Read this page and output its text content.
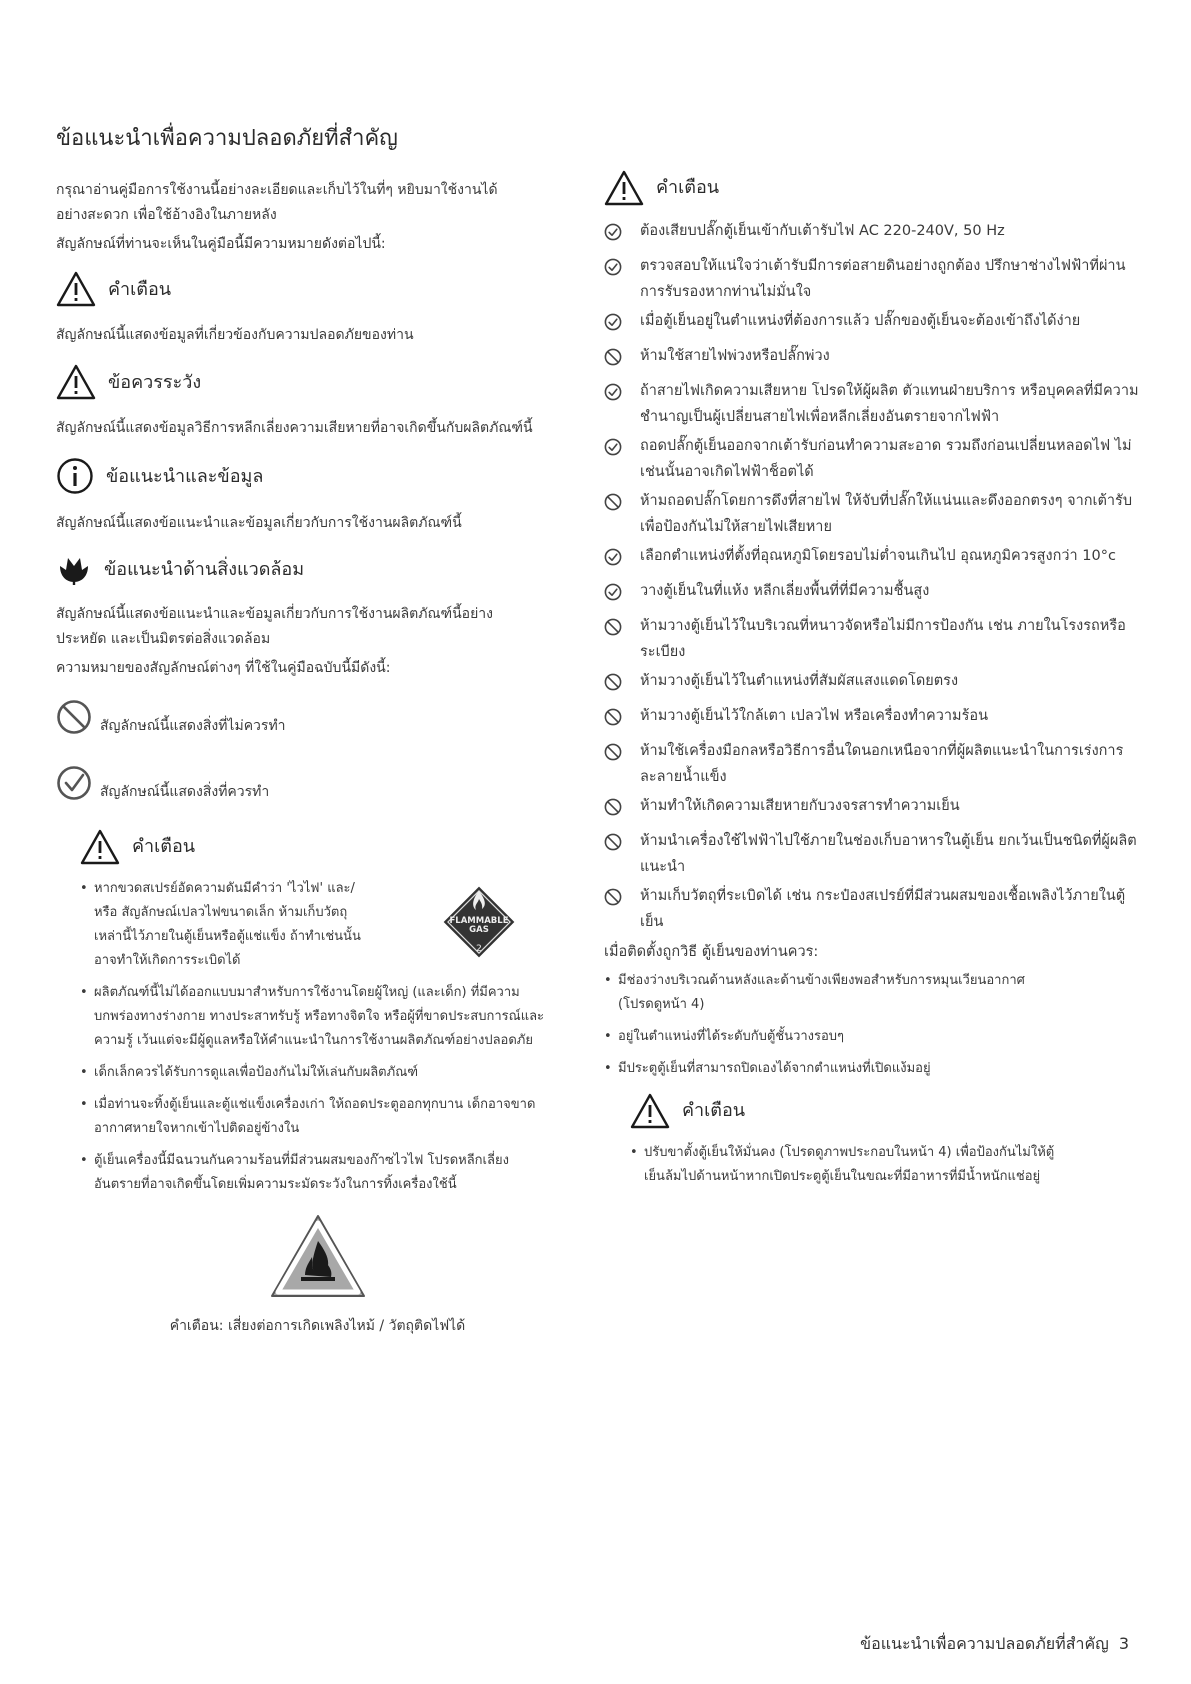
ข้อแนะนำเพื่อความปลอดภัยที่สำคัญ

กรุณาอ่านคู่มือการใช้งานนี้อย่างละเอียดและเก็บไว้ในที่ๆ หยิบมาใช้งานได้อย่างสะดวก เพื่อใช้อ้างอิงในภายหลัง

สัญลักษณ์ที่ท่านจะเห็นในคู่มือนี้มีความหมายดังต่อไปนี้:

คำเตือน

สัญลักษณ์นี้แสดงข้อมูลที่เกี่ยวข้องกับความปลอดภัยของท่าน

ข้อควรระวัง

สัญลักษณ์นี้แสดงข้อมูลวิธีการหลีกเลี่ยงความเสียหายที่อาจเกิดขึ้นกับผลิตภัณฑ์นี้

ข้อแนะนำและข้อมูล

สัญลักษณ์นี้แสดงข้อแนะนำและข้อมูลเกี่ยวกับการใช้งานผลิตภัณฑ์นี้

ข้อแนะนำด้านสิ่งแวดล้อม

สัญลักษณ์นี้แสดงข้อแนะนำและข้อมูลเกี่ยวกับการใช้งานผลิตภัณฑ์นี้อย่างประหยัด และเป็นมิตรต่อสิ่งแวดล้อม

ความหมายของสัญลักษณ์ต่างๆ ที่ใช้ในคู่มือฉบับนี้มีดังนี้:

สัญลักษณ์นี้แสดงสิ่งที่ไม่ควรทำ
สัญลักษณ์นี้แสดงสิ่งที่ควรทำ
คำเตือน
• หากขวดสเปรย์อัดความดันมีคำว่า 'ไวไฟ' และ/หรือ สัญลักษณ์เปลวไฟขนาดเล็ก ห้ามเก็บวัตถุเหล่านี้ไว้ภายในตู้เย็นหรือตู้แช่แข็ง ถ้าทำเช่นนั้น อาจทำให้เกิดการระเบิดได้
FLAMMABLE
GAS
2
• ผลิตภัณฑ์นี้ไม่ได้ออกแบบมาสำหรับการใช้งานโดยผู้ใหญ่ (และเด็ก) ที่มีความบกพร่องทางร่างกาย ทางประสาทรับรู้ หรือทางจิตใจ หรือผู้ที่ขาดประสบการณ์และความรู้ เว้นแต่จะมีผู้ดูแลหรือให้คำแนะนำในการใช้งานผลิตภัณฑ์อย่างปลอดภัย
• เด็กเล็กควรได้รับการดูแลเพื่อป้องกันไม่ให้เล่นกับผลิตภัณฑ์
• เมื่อท่านจะทิ้งตู้เย็นและตู้แช่แข็งเครื่องเก่า ให้ถอดประตูออกทุกบาน เด็กอาจขาดอากาศหายใจหากเข้าไปติดอยู่ข้างใน
• ตู้เย็นเครื่องนี้มีฉนวนกันความร้อนที่มีส่วนผสมของก๊าซไวไฟ โปรดหลีกเลี่ยงอันตรายที่อาจเกิดขึ้นโดยเพิ่มความระมัดระวังในการทิ้งเครื่องใช้นี้

คำเตือน: เสี่ยงต่อการเกิดเพลิงไหม้ / วัตถุติดไฟได้

คำเตือน
ต้องเสียบปลั๊กตู้เย็นเข้ากับเต้ารับไฟ AC 220-240V, 50 Hz
ตรวจสอบให้แน่ใจว่าเต้ารับมีการต่อสายดินอย่างถูกต้อง ปรึกษาช่างไฟฟ้าที่ผ่านการรับรองหากท่านไม่มั่นใจ
เมื่อตู้เย็นอยู่ในตำแหน่งที่ต้องการแล้ว ปลั๊กของตู้เย็นจะต้องเข้าถึงได้ง่าย
ห้ามใช้สายไฟพ่วงหรือปลั๊กพ่วง
ถ้าสายไฟเกิดความเสียหาย โปรดให้ผู้ผลิต ตัวแทนฝ่ายบริการ หรือบุคคลที่มีความชำนาญเป็นผู้เปลี่ยนสายไฟเพื่อหลีกเลี่ยงอันตรายจากไฟฟ้า
ถอดปลั๊กตู้เย็นออกจากเต้ารับก่อนทำความสะอาด รวมถึงก่อนเปลี่ยนหลอดไฟ ไม่เช่นนั้นอาจเกิดไฟฟ้าช็อตได้
ห้ามถอดปลั๊กโดยการดึงที่สายไฟ ให้จับที่ปลั๊กให้แน่นและดึงออกตรงๆ จากเต้ารับเพื่อป้องกันไม่ให้สายไฟเสียหาย
เลือกตำแหน่งที่ตั้งที่อุณหภูมิโดยรอบไม่ต่ำจนเกินไป อุณหภูมิควรสูงกว่า 10°c
วางตู้เย็นในที่แห้ง หลีกเลี่ยงพื้นที่ที่มีความชื้นสูง
ห้ามวางตู้เย็นไว้ในบริเวณที่หนาวจัดหรือไม่มีการป้องกัน เช่น ภายในโรงรถหรือระเบียง
ห้ามวางตู้เย็นไว้ในตำแหน่งที่สัมผัสแสงแดดโดยตรง
ห้ามวางตู้เย็นไว้ใกล้เตา เปลวไฟ หรือเครื่องทำความร้อน
ห้ามใช้เครื่องมือกลหรือวิธีการอื่นใดนอกเหนือจากที่ผู้ผลิตแนะนำในการเร่งการละลายน้ำแข็ง
ห้ามทำให้เกิดความเสียหายกับวงจรสารทำความเย็น
ห้ามนำเครื่องใช้ไฟฟ้าไปใช้ภายในช่องเก็บอาหารในตู้เย็น ยกเว้นเป็นชนิดที่ผู้ผลิตแนะนำ
ห้ามเก็บวัตถุที่ระเบิดได้ เช่น กระป๋องสเปรย์ที่มีส่วนผสมของเชื้อเพลิงไว้ภายในตู้เย็น

เมื่อติดตั้งถูกวิธี ตู้เย็นของท่านควร:

• มีช่องว่างบริเวณด้านหลังและด้านข้างเพียงพอสำหรับการหมุนเวียนอากาศ (โปรดดูหน้า 4)
• อยู่ในตำแหน่งที่ได้ระดับกับตู้ชั้นวางรอบๆ
• มีประตูตู้เย็นที่สามารถปิดเองได้จากตำแหน่งที่เปิดแง้มอยู่
คำเตือน
• ปรับขาตั้งตู้เย็นให้มั่นคง (โปรดดูภาพประกอบในหน้า 4) เพื่อป้องกันไม่ให้ตู้เย็นล้มไปด้านหน้าหากเปิดประตูตู้เย็นในขณะที่มีอาหารที่มีน้ำหนักแช่อยู่
ข้อแนะนำเพื่อความปลอดภัยที่สำคัญ 3
